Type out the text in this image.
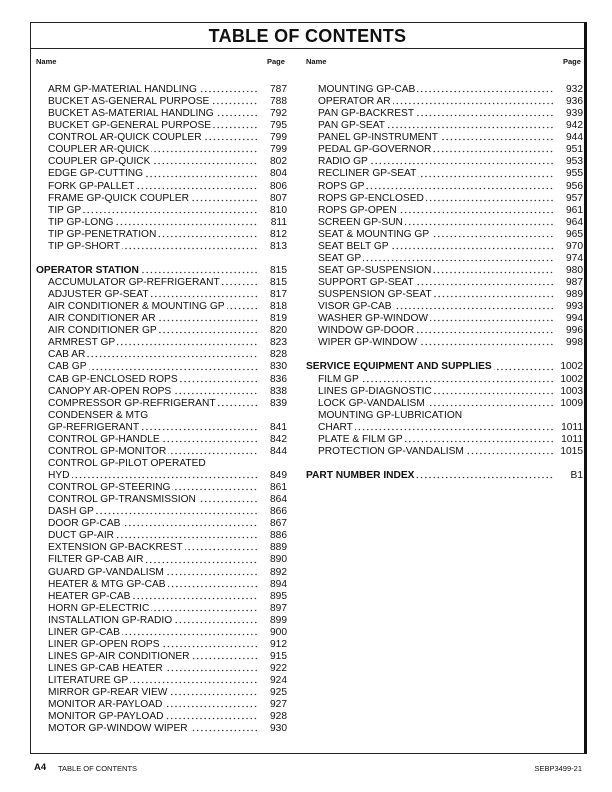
TABLE OF CONTENTS
Name	Page	Name	Page
ARM GP-MATERIAL HANDLING	787
BUCKET AS-GENERAL PURPOSE	788
BUCKET AS-MATERIAL HANDLING	792
BUCKET GP-GENERAL PURPOSE	795
CONTROL AR-QUICK COUPLER	799
COUPLER AR-QUICK	799
COUPLER GP-QUICK	802
EDGE GP-CUTTING	804
FORK GP-PALLET	806
FRAME GP-QUICK COUPLER	807
TIP GP	810
TIP GP-LONG	811
TIP GP-PENETRATION	812
TIP GP-SHORT	813
OPERATOR STATION	815
ACCUMULATOR GP-REFRIGERANT	815
ADJUSTER GP-SEAT	817
AIR CONDITIONER & MOUNTING GP	818
AIR CONDITIONER AR	819
AIR CONDITIONER GP	820
ARMREST GP	823
CAB AR	828
CAB GP	830
CAB GP-ENCLOSED ROPS	836
CANOPY AR-OPEN ROPS	838
COMPRESSOR GP-REFRIGERANT	839
CONDENSER & MTG
GP-REFRIGERANT	841
CONTROL GP-HANDLE	842
CONTROL GP-MONITOR	844
CONTROL GP-PILOT OPERATED
HYD	849
CONTROL GP-STEERING	861
CONTROL GP-TRANSMISSION	864
DASH GP	866
DOOR GP-CAB	867
DUCT GP-AIR	886
EXTENSION GP-BACKREST	889
FILTER GP-CAB AIR	890
GUARD GP-VANDALISM	892
HEATER & MTG GP-CAB	894
HEATER GP-CAB	895
HORN GP-ELECTRIC	897
INSTALLATION GP-RADIO	899
LINER GP-CAB	900
LINER GP-OPEN ROPS	912
LINES GP-AIR CONDITIONER	915
LINES GP-CAB HEATER	922
LITERATURE GP	924
MIRROR GP-REAR VIEW	925
MONITOR AR-PAYLOAD	927
MONITOR GP-PAYLOAD	928
MOTOR GP-WINDOW WIPER	930
MOUNTING GP-CAB	932
OPERATOR AR	936
PAN GP-BACKREST	939
PAN GP-SEAT	942
PANEL GP-INSTRUMENT	944
PEDAL GP-GOVERNOR	951
RADIO GP	953
RECLINER GP-SEAT	955
ROPS GP	956
ROPS GP-ENCLOSED	957
ROPS GP-OPEN	961
SCREEN GP-SUN	964
SEAT & MOUNTING GP	965
SEAT BELT GP	970
SEAT GP	974
SEAT GP-SUSPENSION	980
SUPPORT GP-SEAT	987
SUSPENSION GP-SEAT	989
VISOR GP-CAB	993
WASHER GP-WINDOW	994
WINDOW GP-DOOR	996
WIPER GP-WINDOW	998
SERVICE EQUIPMENT AND SUPPLIES	1002
FILM GP	1002
LINES GP-DIAGNOSTIC	1003
LOCK GP-VANDALISM	1009
MOUNTING GP-LUBRICATION
CHART	1011
PLATE & FILM GP	1011
PROTECTION GP-VANDALISM	1015
PART NUMBER INDEX	B1
A4 TABLE OF CONTENTS	SEBP3499-21
